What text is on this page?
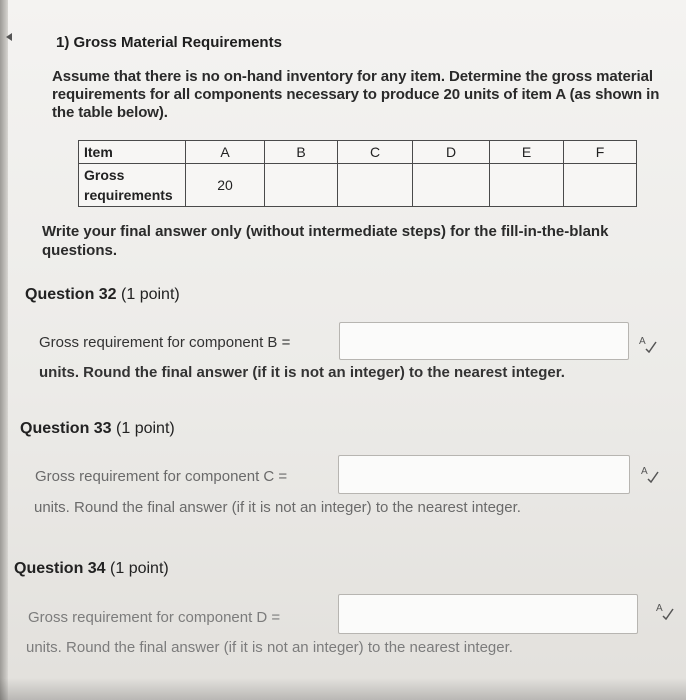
1) Gross Material Requirements
Assume that there is no on-hand inventory for any item. Determine the gross material requirements for all components necessary to produce 20 units of item A (as shown in the table below).
Item	A	B	C	D	E	F
Gross requirements	20					
Write your final answer only (without intermediate steps) for the fill-in-the-blank questions.
Question 32 (1 point)
Gross requirement for component B =	A
units. Round the final answer (if it is not an integer) to the nearest integer.
Question 33 (1 point)
Gross requirement for component C =	A
units. Round the final answer (if it is not an integer) to the nearest integer.
Question 34 (1 point)
Gross requirement for component D =
A
units. Round the final answer (if it is not an integer) to the nearest integer.
